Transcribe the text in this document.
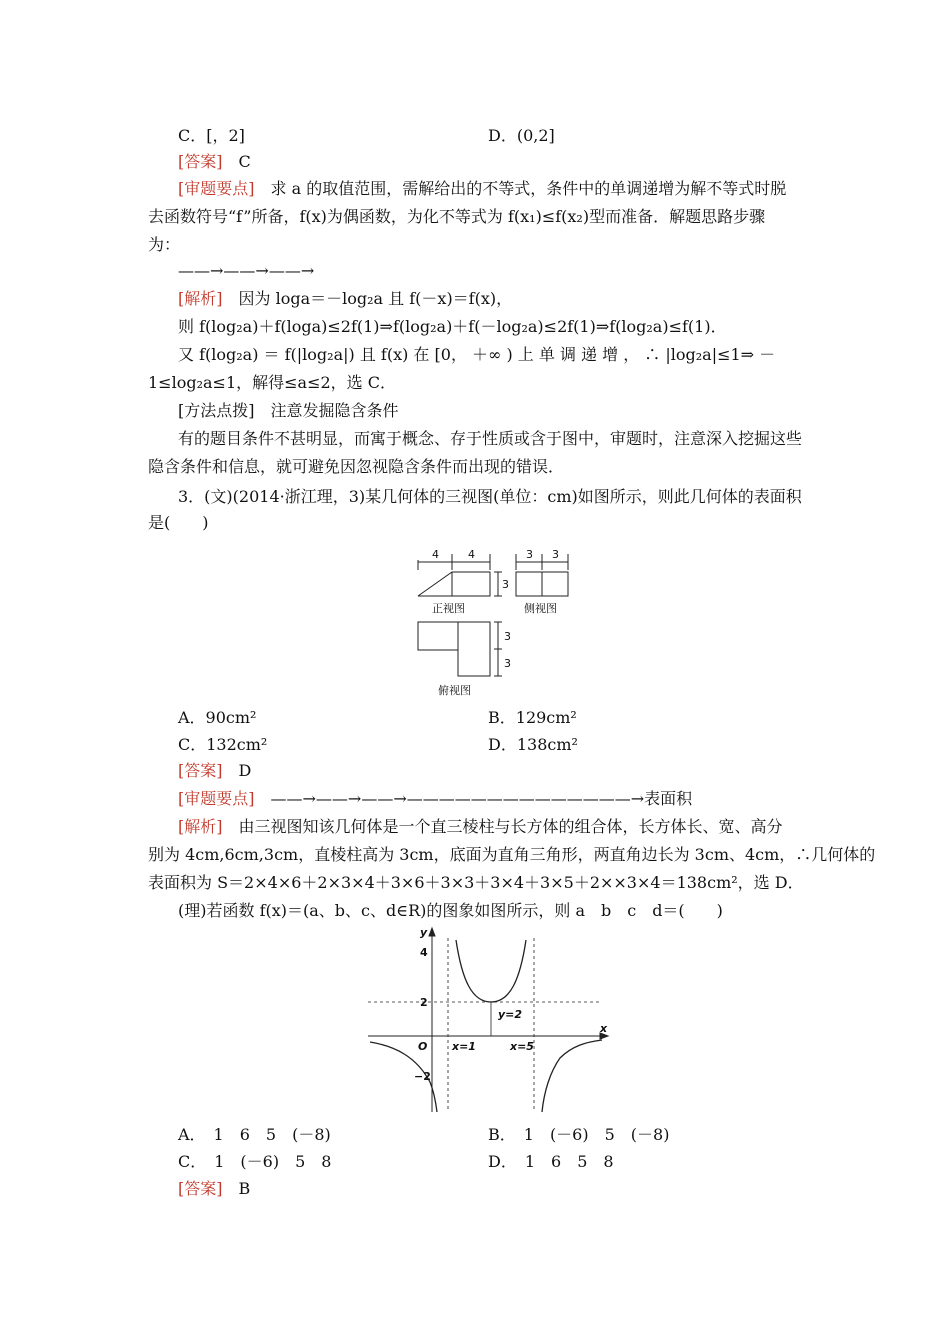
C．[，2]	D．(0,2]
[答案]　 C
[审题要点]　 求 a 的取值范围，需解给出的不等式，条件中的单调递增为解不等式时脱
去函数符号“f”所备，f(x)为偶函数，为化不等式为 f(x₁)≤f(x₂)型而准备．解题思路步骤
为：
——→——→——→
[解析]　 因为 loga＝－log₂a 且 f(－x)＝f(x)，
则 f(log₂a)＋f(loga)≤2f(1)⇒f(log₂a)＋f(－log₂a)≤2f(1)⇒f(log₂a)≤f(1)．
又 f(log₂a) ＝ f(|log₂a|) 且 f(x) 在 [0， ＋∞ ) 上 单 调 递 增 ， ∴ |log₂a|≤1⇒ －
1≤log₂a≤1，解得≤a≤2，选 C．
[方法点拨]　 注意发掘隐含条件
有的题目条件不甚明显，而寓于概念、存于性质或含于图中，审题时，注意深入挖掘这些
隐含条件和信息，就可避免因忽视隐含条件而出现的错误．
3．(文)(2014·浙江理，3)某几何体的三视图(单位：cm)如图所示，则此几何体的表面积
是(　　)
4	4
3
3 3
3
3
正视图	侧视图
俯视图
A．90cm²	B．129cm²
C．132cm²	D．138cm²
[答案]　 D
[审题要点]　 ——→——→——→——————————————→表面积
[解析]　 由三视图知该几何体是一个直三棱柱与长方体的组合体，长方体长、宽、高分
别为 4cm,6cm,3cm，直棱柱高为 3cm，底面为直角三角形，两直角边长为 3cm、4cm，∴几何体的
表面积为 S＝2×4×6＋2×3×4＋3×6＋3×3＋3×4＋3×5＋2××3×4＝138cm²，选 D．
(理)若函数 f(x)＝(a、b、c、d∈R)的图象如图所示，则 a　b　c　d＝(　　)
y
x
4
2
−2
O x=1	x=5
y=2
A．　1　6　5　(－8)	B．　1　(－6)　5　(－8)
C．　1　(－6)　5　8	D．　1　6　5　8
[答案]　 B
